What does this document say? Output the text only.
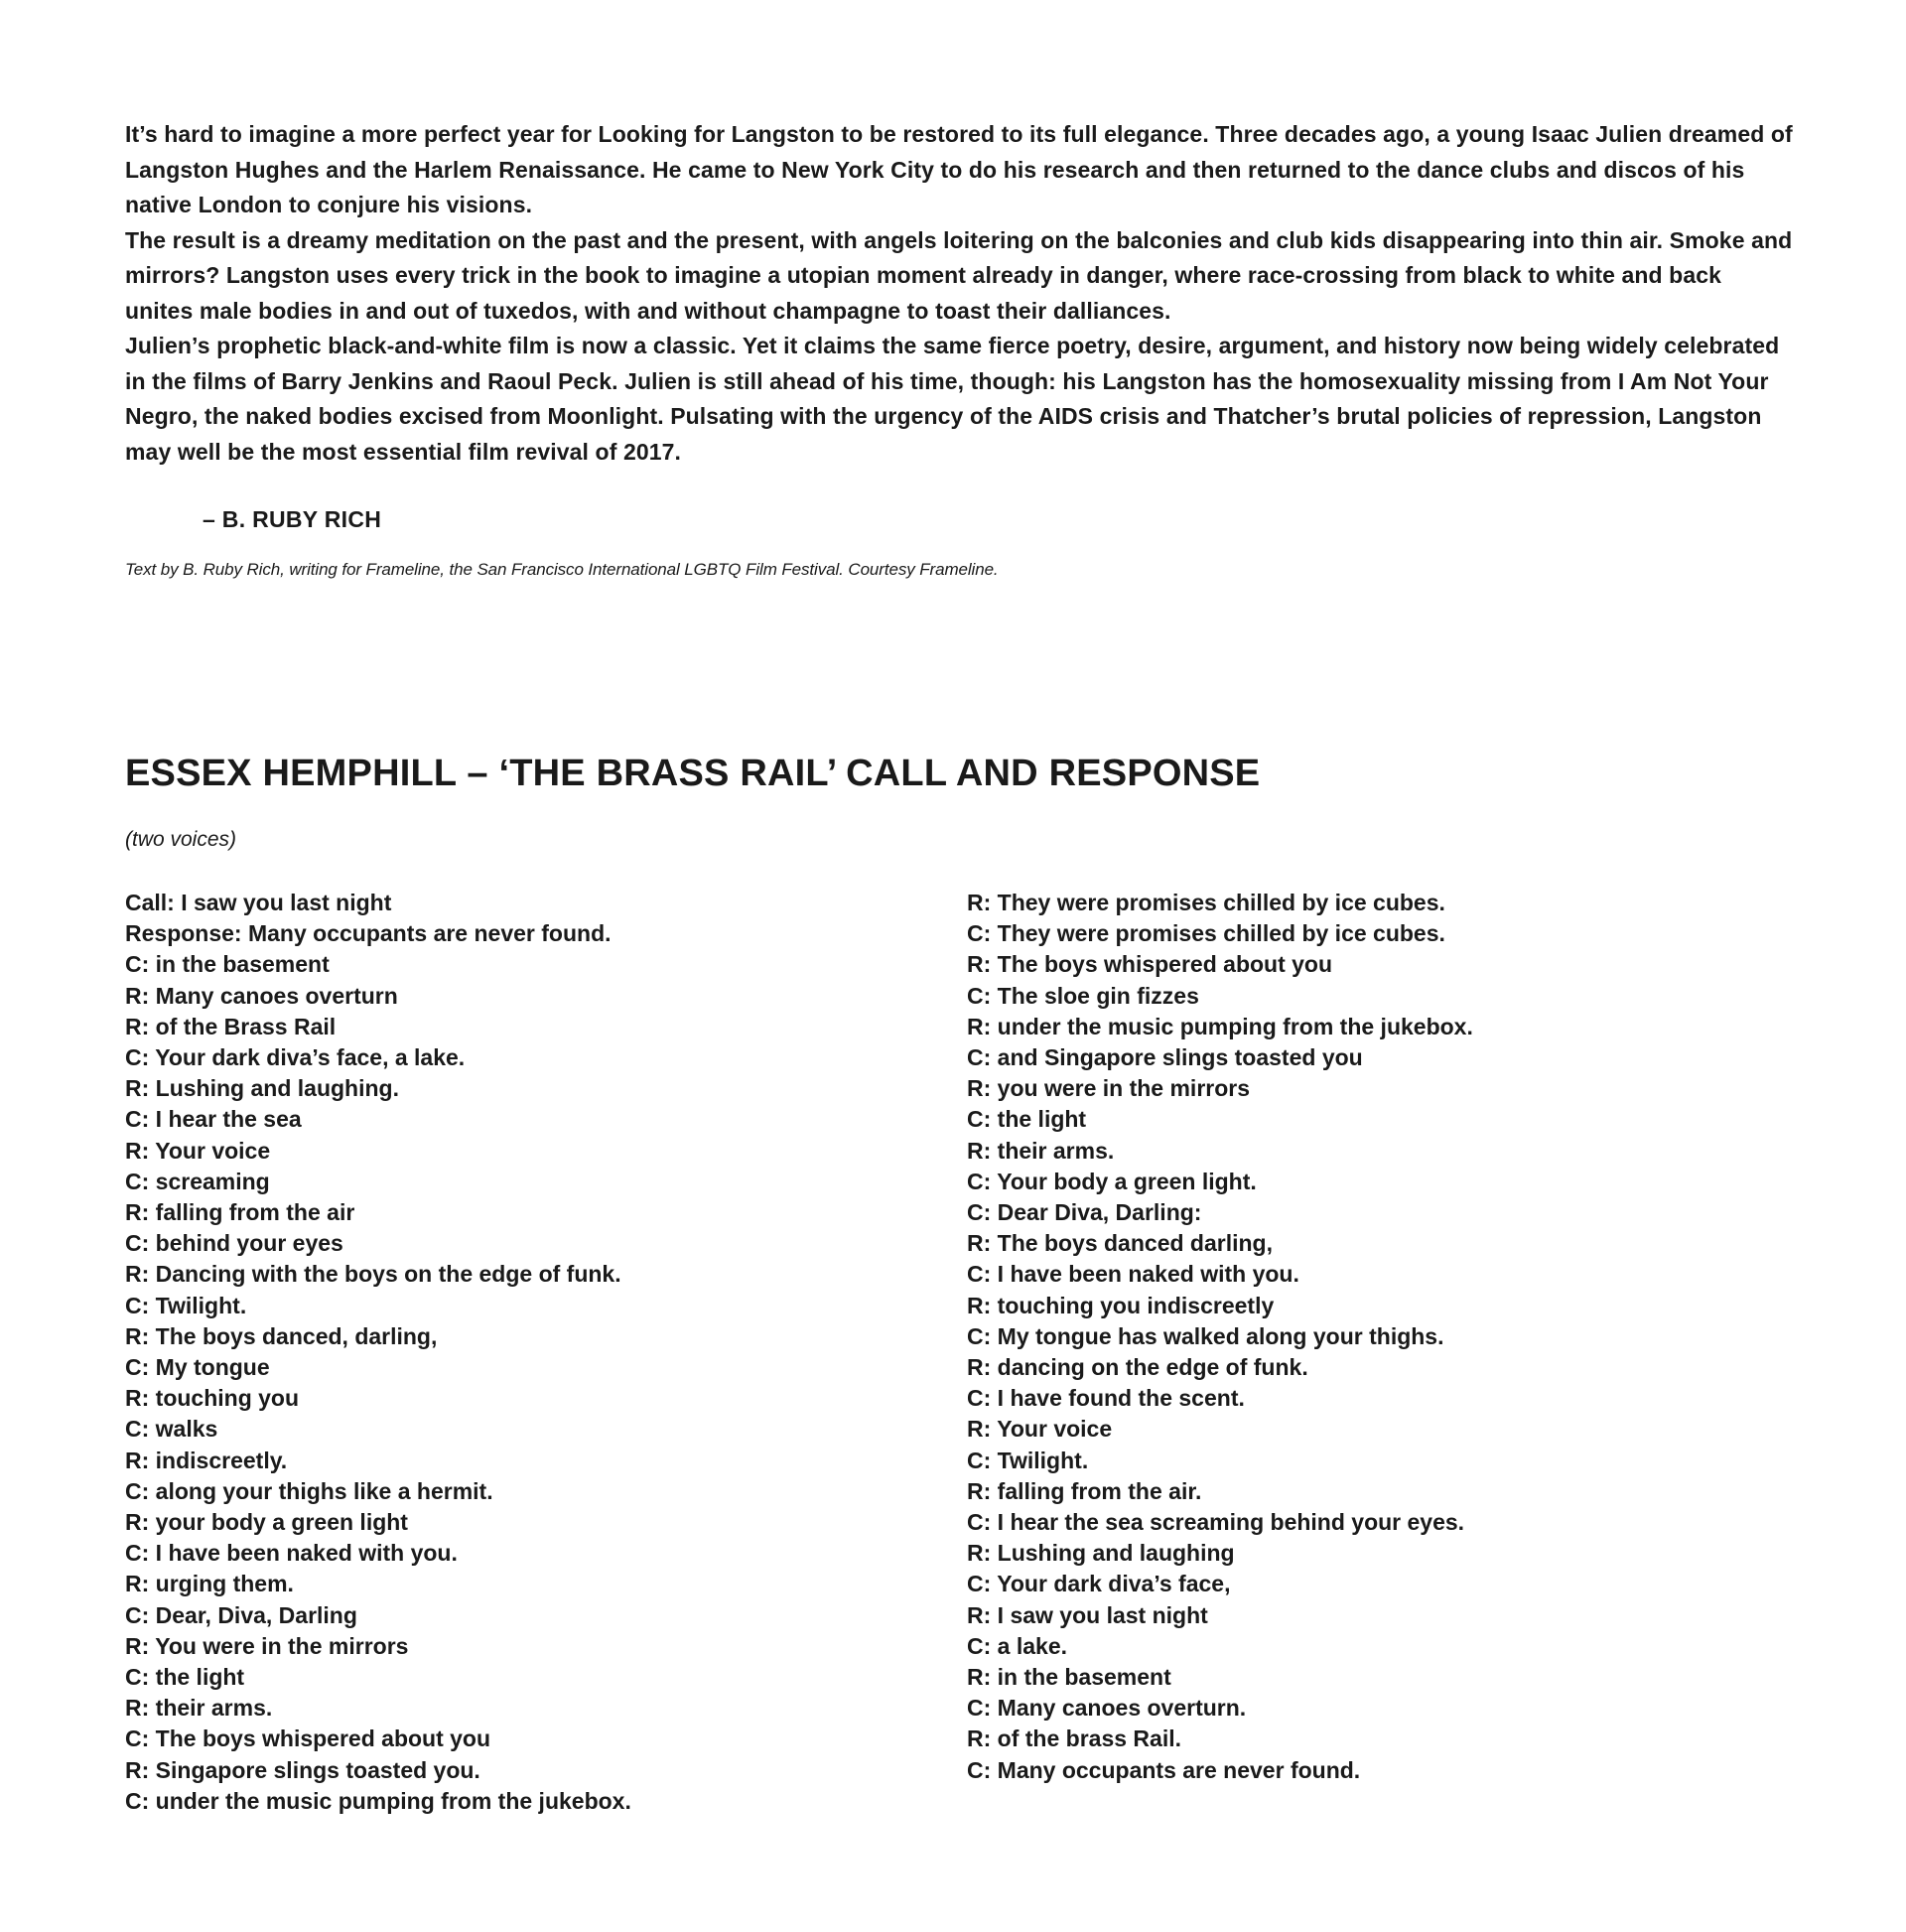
It’s hard to imagine a more perfect year for Looking for Langston to be restored to its full elegance. Three decades ago, a young Isaac Julien dreamed of Langston Hughes and the Harlem Renaissance. He came to New York City to do his research and then returned to the dance clubs and discos of his native London to conjure his visions.

The result is a dreamy meditation on the past and the present, with angels loitering on the balconies and club kids disappearing into thin air. Smoke and mirrors? Langston uses every trick in the book to imagine a utopian moment already in danger, where race-crossing from black to white and back unites male bodies in and out of tuxedos, with and without champagne to toast their dalliances.

Julien’s prophetic black-and-white film is now a classic. Yet it claims the same fierce poetry, desire, argument, and history now being widely celebrated in the films of Barry Jenkins and Raoul Peck. Julien is still ahead of his time, though: his Langston has the homosexuality missing from I Am Not Your Negro, the naked bodies excised from Moonlight. Pulsating with the urgency of the AIDS crisis and Thatcher’s brutal policies of repression, Langston may well be the most essential film revival of 2017.

– B. RUBY RICH
Text by B. Ruby Rich, writing for Frameline, the San Francisco International LGBTQ Film Festival. Courtesy Frameline.
ESSEX HEMPHILL – ‘THE BRASS RAIL’ CALL AND RESPONSE
(two voices)
Call: I saw you last night
Response: Many occupants are never found.
C: in the basement
R: Many canoes overturn
R: of the Brass Rail
C: Your dark diva’s face, a lake.
R: Lushing and laughing.
C: I hear the sea
R: Your voice
C: screaming
R: falling from the air
C: behind your eyes
R: Dancing with the boys on the edge of funk.
C: Twilight.
R: The boys danced, darling,
C: My tongue
R: touching you
C: walks
R: indiscreetly.
C: along your thighs like a hermit.
R: your body a green light
C: I have been naked with you.
R: urging them.
C: Dear, Diva, Darling
R: You were in the mirrors
C: the light
R: their arms.
C: The boys whispered about you
R: Singapore slings toasted you.
C: under the music pumping from the jukebox.
R: They were promises chilled by ice cubes.
C: They were promises chilled by ice cubes.
R: The boys whispered about you
C: The sloe gin fizzes
R: under the music pumping from the jukebox.
C: and Singapore slings toasted you
R: you were in the mirrors
C: the light
R: their arms.
C: Your body a green light.
C: Dear Diva, Darling:
R: The boys danced darling,
C: I have been naked with you.
R: touching you indiscreetly
C: My tongue has walked along your thighs.
R: dancing on the edge of funk.
C: I have found the scent.
R: Your voice
C: Twilight.
R: falling from the air.
C: I hear the sea screaming behind your eyes.
R: Lushing and laughing
C: Your dark diva’s face,
R: I saw you last night
C: a lake.
R: in the basement
C: Many canoes overturn.
R: of the brass Rail.
C: Many occupants are never found.
